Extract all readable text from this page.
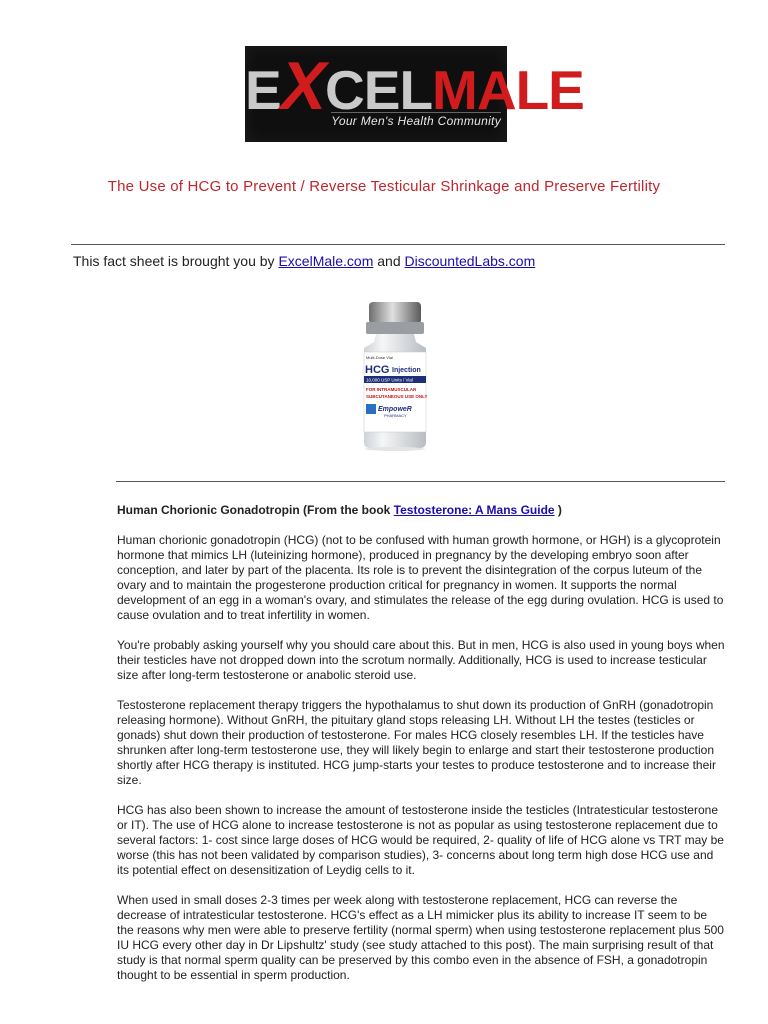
EXCELMALE
Your Men's Health Community
The Use of HCG to Prevent / Reverse Testicular Shrinkage and Preserve Fertility
This fact sheet is brought you by ExcelMale.com and DiscountedLabs.com
Multi-Dose Vial
HCG Injection
10,000 USP Units / Vial
FOR INTRAMUSCULAR
SUBCUTANEOUS USE ONLY
EmpoweR
PHARMACY

Human Chorionic Gonadotropin (From the book Testosterone: A Mans Guide )

Human chorionic gonadotropin (HCG) (not to be confused with human growth hormone, or HGH) is a glycoprotein hormone that mimics LH (luteinizing hormone), produced in pregnancy by the developing embryo soon after conception, and later by part of the placenta. Its role is to prevent the disintegration of the corpus luteum of the ovary and to maintain the progesterone production critical for pregnancy in women. It supports the normal development of an egg in a woman's ovary, and stimulates the release of the egg during ovulation. HCG is used to cause ovulation and to treat infertility in women.

You're probably asking yourself why you should care about this. But in men, HCG is also used in young boys when their testicles have not dropped down into the scrotum normally. Additionally, HCG is used to increase testicular size after long-term testosterone or anabolic steroid use.

Testosterone replacement therapy triggers the hypothalamus to shut down its production of GnRH (gonadotropin releasing hormone). Without GnRH, the pituitary gland stops releasing LH. Without LH the testes (testicles or gonads) shut down their production of testosterone. For males HCG closely resembles LH. If the testicles have shrunken after long-term testosterone use, they will likely begin to enlarge and start their testosterone production shortly after HCG therapy is instituted. HCG jump-starts your testes to produce testosterone and to increase their size.

HCG has also been shown to increase the amount of testosterone inside the testicles (Intratesticular testosterone or IT). The use of HCG alone to increase testosterone is not as popular as using testosterone replacement due to several factors: 1- cost since large doses of HCG would be required, 2- quality of life of HCG alone vs TRT may be worse (this has not been validated by comparison studies), 3- concerns about long term high dose HCG use and its potential effect on desensitization of Leydig cells to it.

When used in small doses 2-3 times per week along with testosterone replacement, HCG can reverse the decrease of intratesticular testosterone. HCG's effect as a LH mimicker plus its ability to increase IT seem to be the reasons why men were able to preserve fertility (normal sperm) when using testosterone replacement plus 500 IU HCG every other day in Dr Lipshultz' study (see study attached to this post). The main surprising result of that study is that normal sperm quality can be preserved by this combo even in the absence of FSH, a gonadotropin thought to be essential in sperm production.
